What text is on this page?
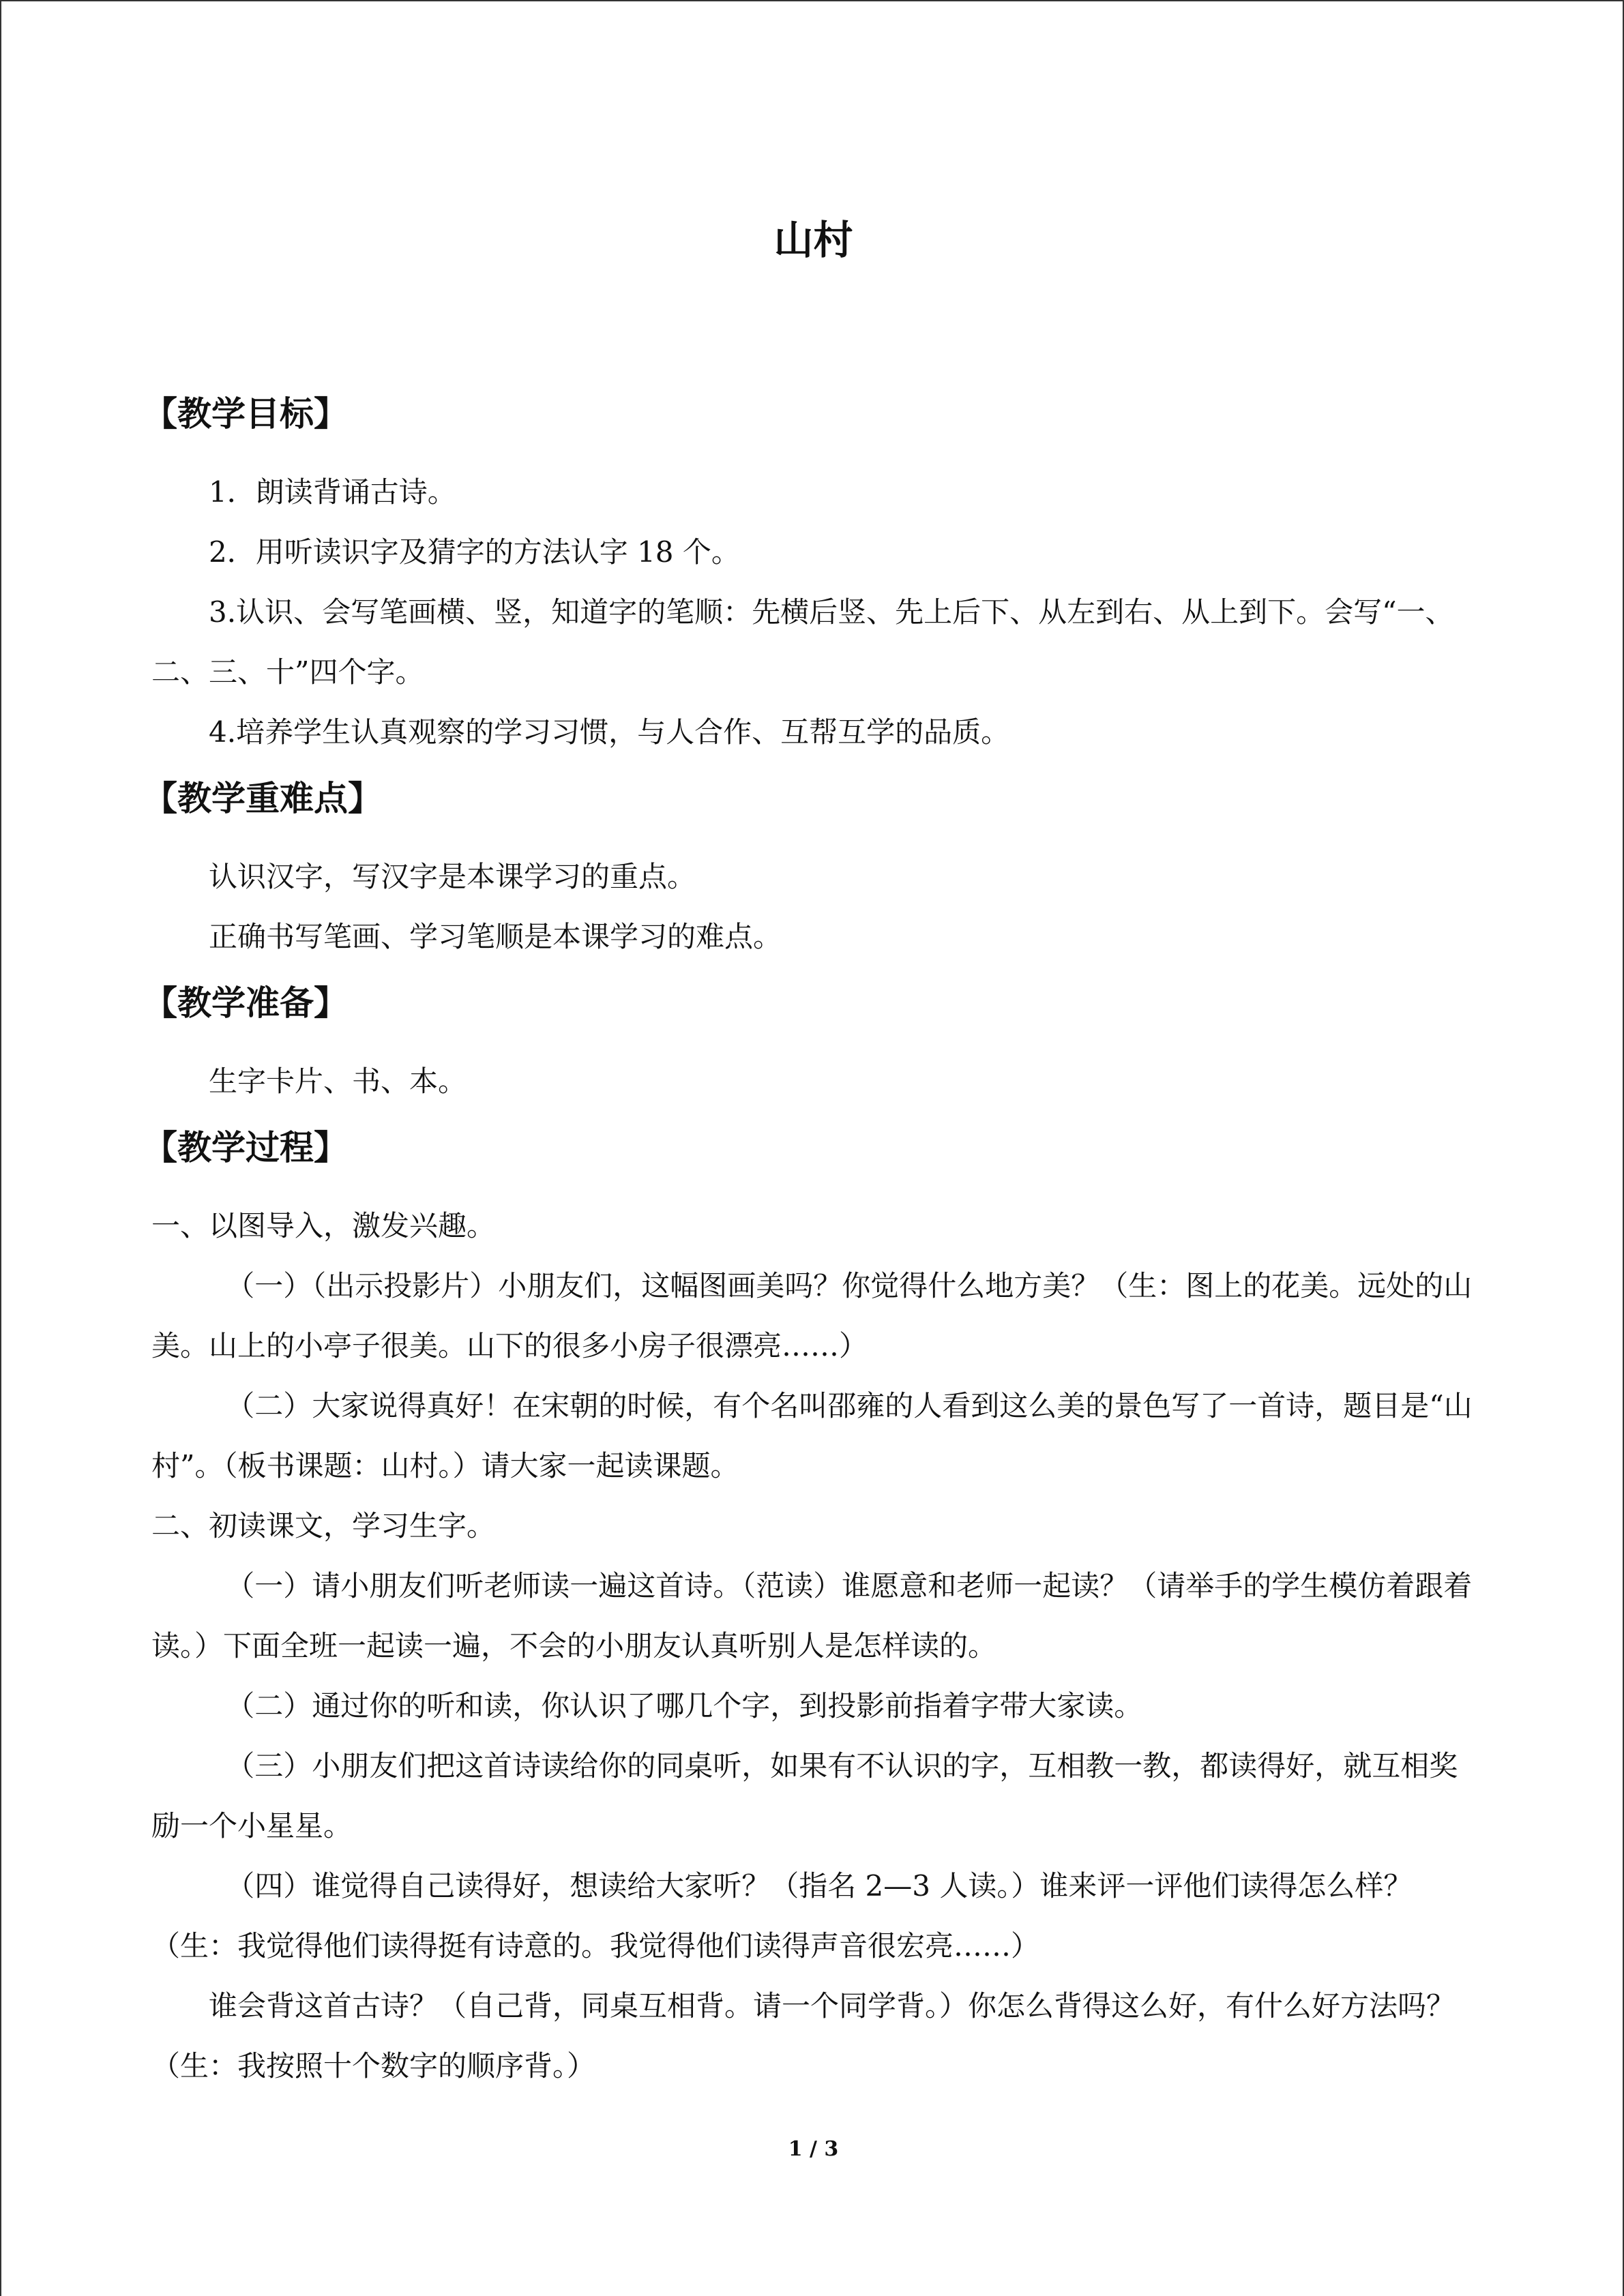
山村
【教学目标】

1．朗读背诵古诗。

2．用听读识字及猜字的方法认字 18 个。

3.认识、会写笔画横、竖，知道字的笔顺：先横后竖、先上后下、从左到右、从上到下。会写“一、二、三、十”四个字。

4.培养学生认真观察的学习习惯，与人合作、互帮互学的品质。

【教学重难点】

认识汉字，写汉字是本课学习的重点。

正确书写笔画、学习笔顺是本课学习的难点。

【教学准备】

生字卡片、书、本。

【教学过程】

一、以图导入，激发兴趣。

（一）（出示投影片）小朋友们，这幅图画美吗？你觉得什么地方美？（生：图上的花美。远处的山美。山上的小亭子很美。山下的很多小房子很漂亮……）

（二）大家说得真好！在宋朝的时候，有个名叫邵雍的人看到这么美的景色写了一首诗，题目是“山村”。（板书课题：山村。）请大家一起读课题。

二、初读课文，学习生字。

（一）请小朋友们听老师读一遍这首诗。（范读）谁愿意和老师一起读？（请举手的学生模仿着跟着读。）下面全班一起读一遍，不会的小朋友认真听别人是怎样读的。

（二）通过你的听和读，你认识了哪几个字，到投影前指着字带大家读。

（三）小朋友们把这首诗读给你的同桌听，如果有不认识的字，互相教一教，都读得好，就互相奖励一个小星星。

（四）谁觉得自己读得好，想读给大家听？（指名 2—3 人读。）谁来评一评他们读得怎么样？（生：我觉得他们读得挺有诗意的。我觉得他们读得声音很宏亮……）

谁会背这首古诗？（自己背，同桌互相背。请一个同学背。）你怎么背得这么好，有什么好方法吗？（生：我按照十个数字的顺序背。）

1 / 3
